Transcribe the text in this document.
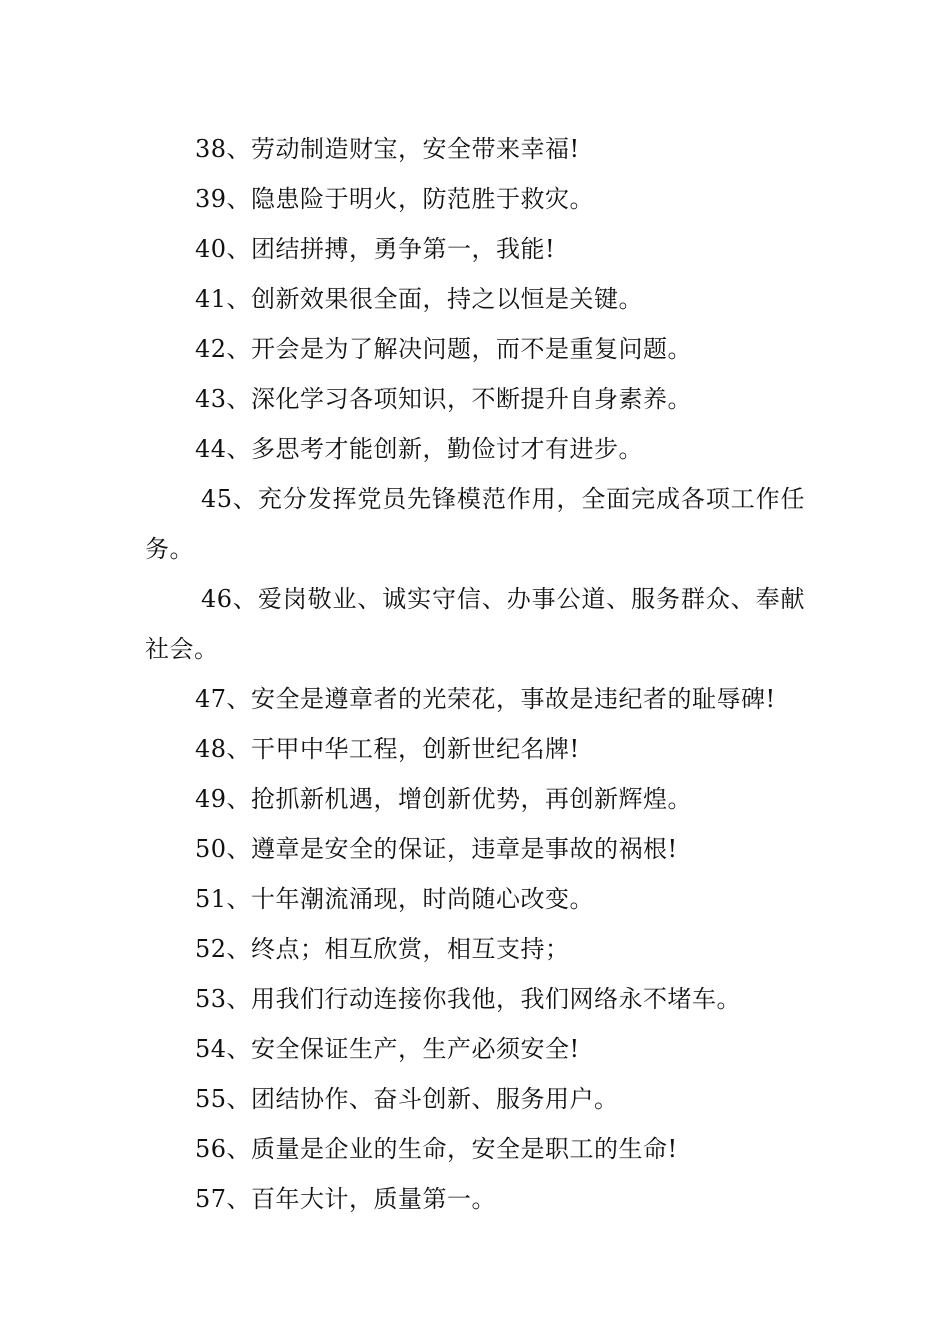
38、劳动制造财宝，安全带来幸福!

39、隐患险于明火，防范胜于救灾。

40、团结拼搏，勇争第一，我能!

41、创新效果很全面，持之以恒是关键。

42、开会是为了解决问题，而不是重复问题。

43、深化学习各项知识，不断提升自身素养。

44、多思考才能创新，勤俭讨才有进步。

45、充分发挥党员先锋模范作用，全面完成各项工作任务。

46、爱岗敬业、诚实守信、办事公道、服务群众、奉献社会。

47、安全是遵章者的光荣花，事故是违纪者的耻辱碑!

48、干甲中华工程，创新世纪名牌!

49、抢抓新机遇，增创新优势，再创新辉煌。

50、遵章是安全的保证，违章是事故的祸根!

51、十年潮流涌现，时尚随心改变。

52、终点；相互欣赏，相互支持；

53、用我们行动连接你我他，我们网络永不堵车。

54、安全保证生产，生产必须安全!

55、团结协作、奋斗创新、服务用户。

56、质量是企业的生命，安全是职工的生命!

57、百年大计，质量第一。
